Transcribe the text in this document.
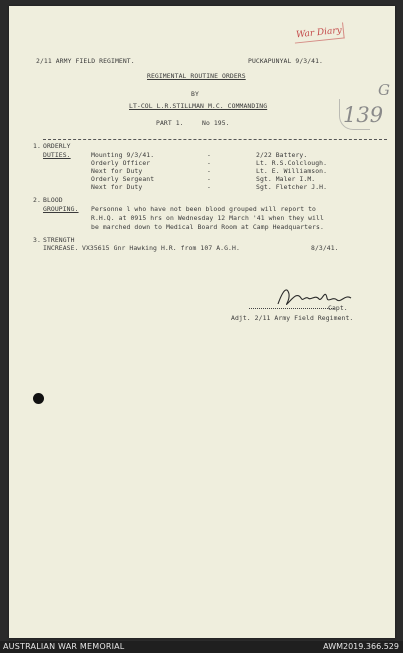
War Diary
G
139
2/11 ARMY FIELD REGIMENT.	PUCKAPUNYAL 9/3/41.
REGIMENTAL ROUTINE ORDERS
BY
LT-COL L.R.STILLMAN M.C. COMMANDING
PART 1.	No 195.
1. ORDERLY
DUTIES.	Mounting 9/3/41.	-	2/22 Battery.
Orderly Officer	-	Lt. R.S.Colclough.
Next for Duty	-	Lt. E. Williamson.
Orderly Sergeant	-	Sgt. Maler I.M.
Next for Duty	-	Sgt. Fletcher J.H.
2. BLOOD
GROUPING. Personne l who have not been blood grouped will report to
R.H.Q. at 0915 hrs on Wednesday 12 March '41 when they will
be marched down to Medical Board Room at Camp Headquarters.
3. STRENGTH
INCREASE. VX35615 Gnr Hawking H.R. from 107 A.G.H.	8/3/41.
Capt.
Adjt. 2/11 Army Field Regiment.
AUSTRALIAN WAR MEMORIAL	AWM2019.366.529
